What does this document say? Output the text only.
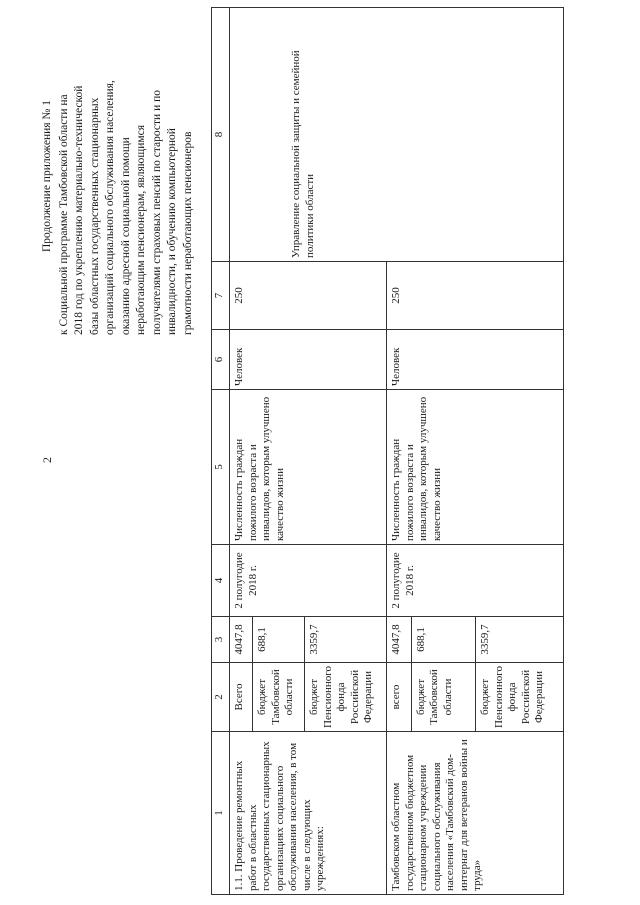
2
Продолжение приложения № 1 к Социальной программе Тамбовской области на 2018 год по укреплению материально-технической базы областных государственных стационарных организаций социального обслуживания населения, оказанию адресной социальной помощи неработающим пенсионерам, являющимся получателями страховых пенсий по старости и по инвалидности, и обучению компьютерной грамотности неработающих пенсионеров
1	2	3	4	5	6	7	8
1.1. Проведение ремонтных работ в областных государственных стационарных организациях социального обслуживания населения, в том числе в следующих учреждениях:	Всего	4047,8	2 полугодие 2018 г.	Численность граждан пожилого возраста и инвалидов, которым улучшено качество жизни	Человек	250	Управление социальной защиты и семейной политики области
	бюджет Тамбовской области	688,1					
	бюджет Пенсионного фонда Российской Федерации	3359,7					
Тамбовском областном государственном бюджетном стационарном учреждении социального обслуживания населения «Тамбовский дом-интернат для ветеранов войны и труда»	всего	4047,8	2 полугодие 2018 г.	Численность граждан пожилого возраста и инвалидов, которым улучшено качество жизни	Человек	250	
	бюджет Тамбовской области	688,1					
	бюджет Пенсионного фонда Российской Федерации	3359,7					
